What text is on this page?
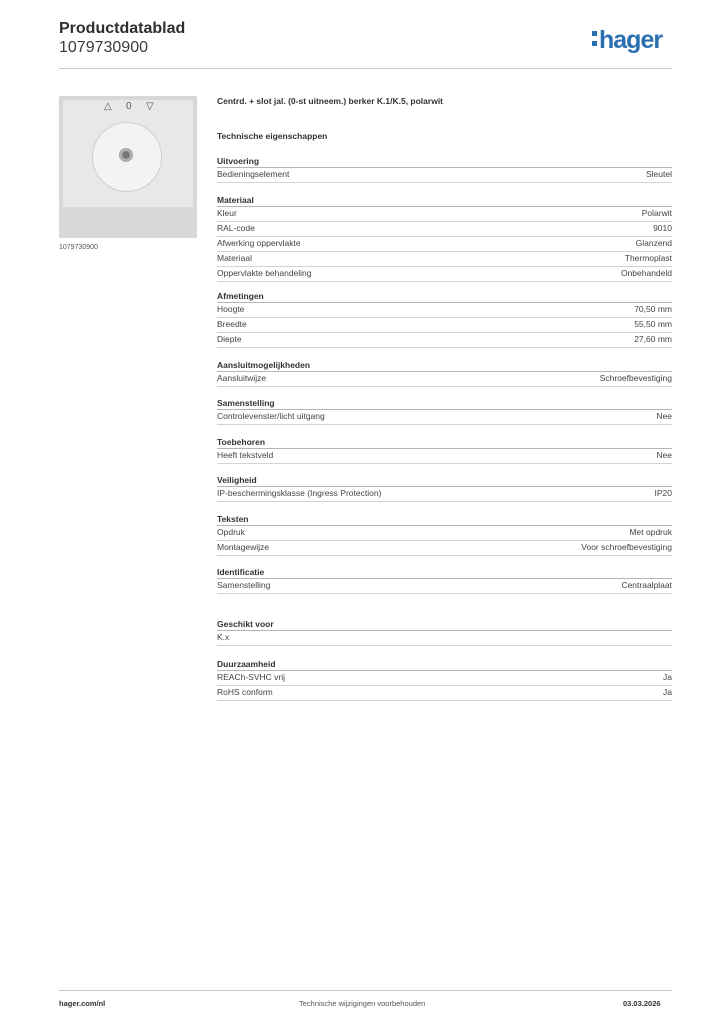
Productdatablad
1079730900	hager
△ 0 ▽
1079730900
Centrd. + slot jal. (0-st uitneem.) berker K.1/K.5, polarwit
Technische eigenschappen
Uitvoering
Bedieningselement	Sleutel
Materiaal
Kleur	Polarwit
RAL-code	9010
Afwerking oppervlakte	Glanzend
Materiaal	Thermoplast
Oppervlakte behandeling	Onbehandeld
Afmetingen
Hoogte	70,50 mm
Breedte	55,50 mm
Diepte	27,60 mm
Aansluitmogelijkheden
Aansluitwijze	Schroefbevestiging
Samenstelling
Controlevenster/licht uitgang	Nee
Toebehoren
Heeft tekstveld	Nee
Veiligheid
IP-beschermingsklasse (Ingress Protection)	IP20
Teksten
Opdruk	Met opdruk
Montagewijze	Voor schroefbevestiging
Identificatie
Samenstelling	Centraalplaat
Geschikt voor
K.x
Duurzaamheid
REACh-SVHC vrij	Ja
RoHS conform	Ja
hager.com/nl	Technische wijzigingen voorbehouden	03.03.2026
